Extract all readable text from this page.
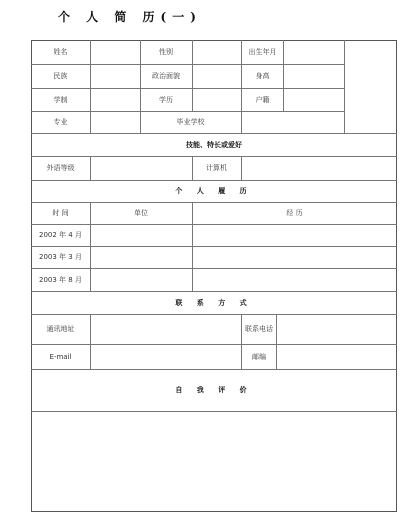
个 人 简 历(一)
姓名	性别	出生年月
民族	政治面貌	身高
学制	学历	户籍
专业	毕业学校
技能、特长或爱好
外语等级	计算机
个 人 履 历
时 间	单位	经 历
2002 年 4 月
2003 年 3 月
2003 年 8 月
联 系 方 式
通讯地址	联系电话
E-mail	邮编
自 我 评 价
